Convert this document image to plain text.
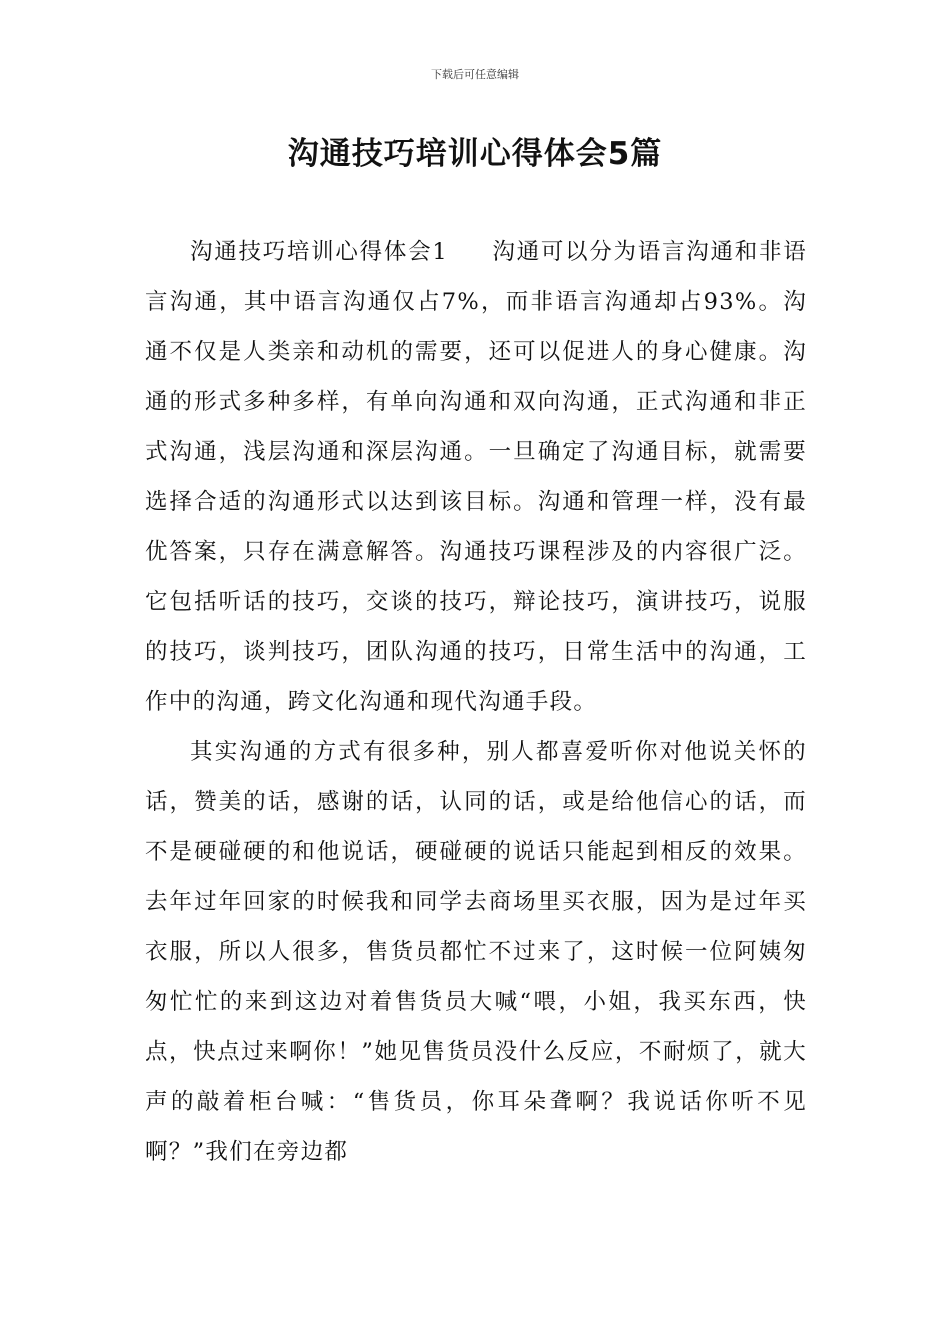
下载后可任意编辑
沟通技巧培训心得体会5篇

沟通技巧培训心得体会1 沟通可以分为语言沟通和非语言沟通，其中语言沟通仅占7%，而非语言沟通却占93%。沟通不仅是人类亲和动机的需要，还可以促进人的身心健康。沟通的形式多种多样，有单向沟通和双向沟通，正式沟通和非正式沟通，浅层沟通和深层沟通。一旦确定了沟通目标，就需要选择合适的沟通形式以达到该目标。沟通和管理一样，没有最优答案，只存在满意解答。沟通技巧课程涉及的内容很广泛。它包括听话的技巧，交谈的技巧，辩论技巧，演讲技巧，说服的技巧，谈判技巧，团队沟通的技巧，日常生活中的沟通，工作中的沟通，跨文化沟通和现代沟通手段。

其实沟通的方式有很多种，别人都喜爱听你对他说关怀的话，赞美的话，感谢的话，认同的话，或是给他信心的话，而不是硬碰硬的和他说话，硬碰硬的说话只能起到相反的效果。去年过年回家的时候我和同学去商场里买衣服，因为是过年买衣服，所以人很多，售货员都忙不过来了，这时候一位阿姨匆匆忙忙的来到这边对着售货员大喊“喂，小姐，我买东西，快点，快点过来啊你！”她见售货员没什么反应，不耐烦了，就大声的敲着柜台喊：“售货员，你耳朵聋啊？我说话你听不见啊？”我们在旁边都
